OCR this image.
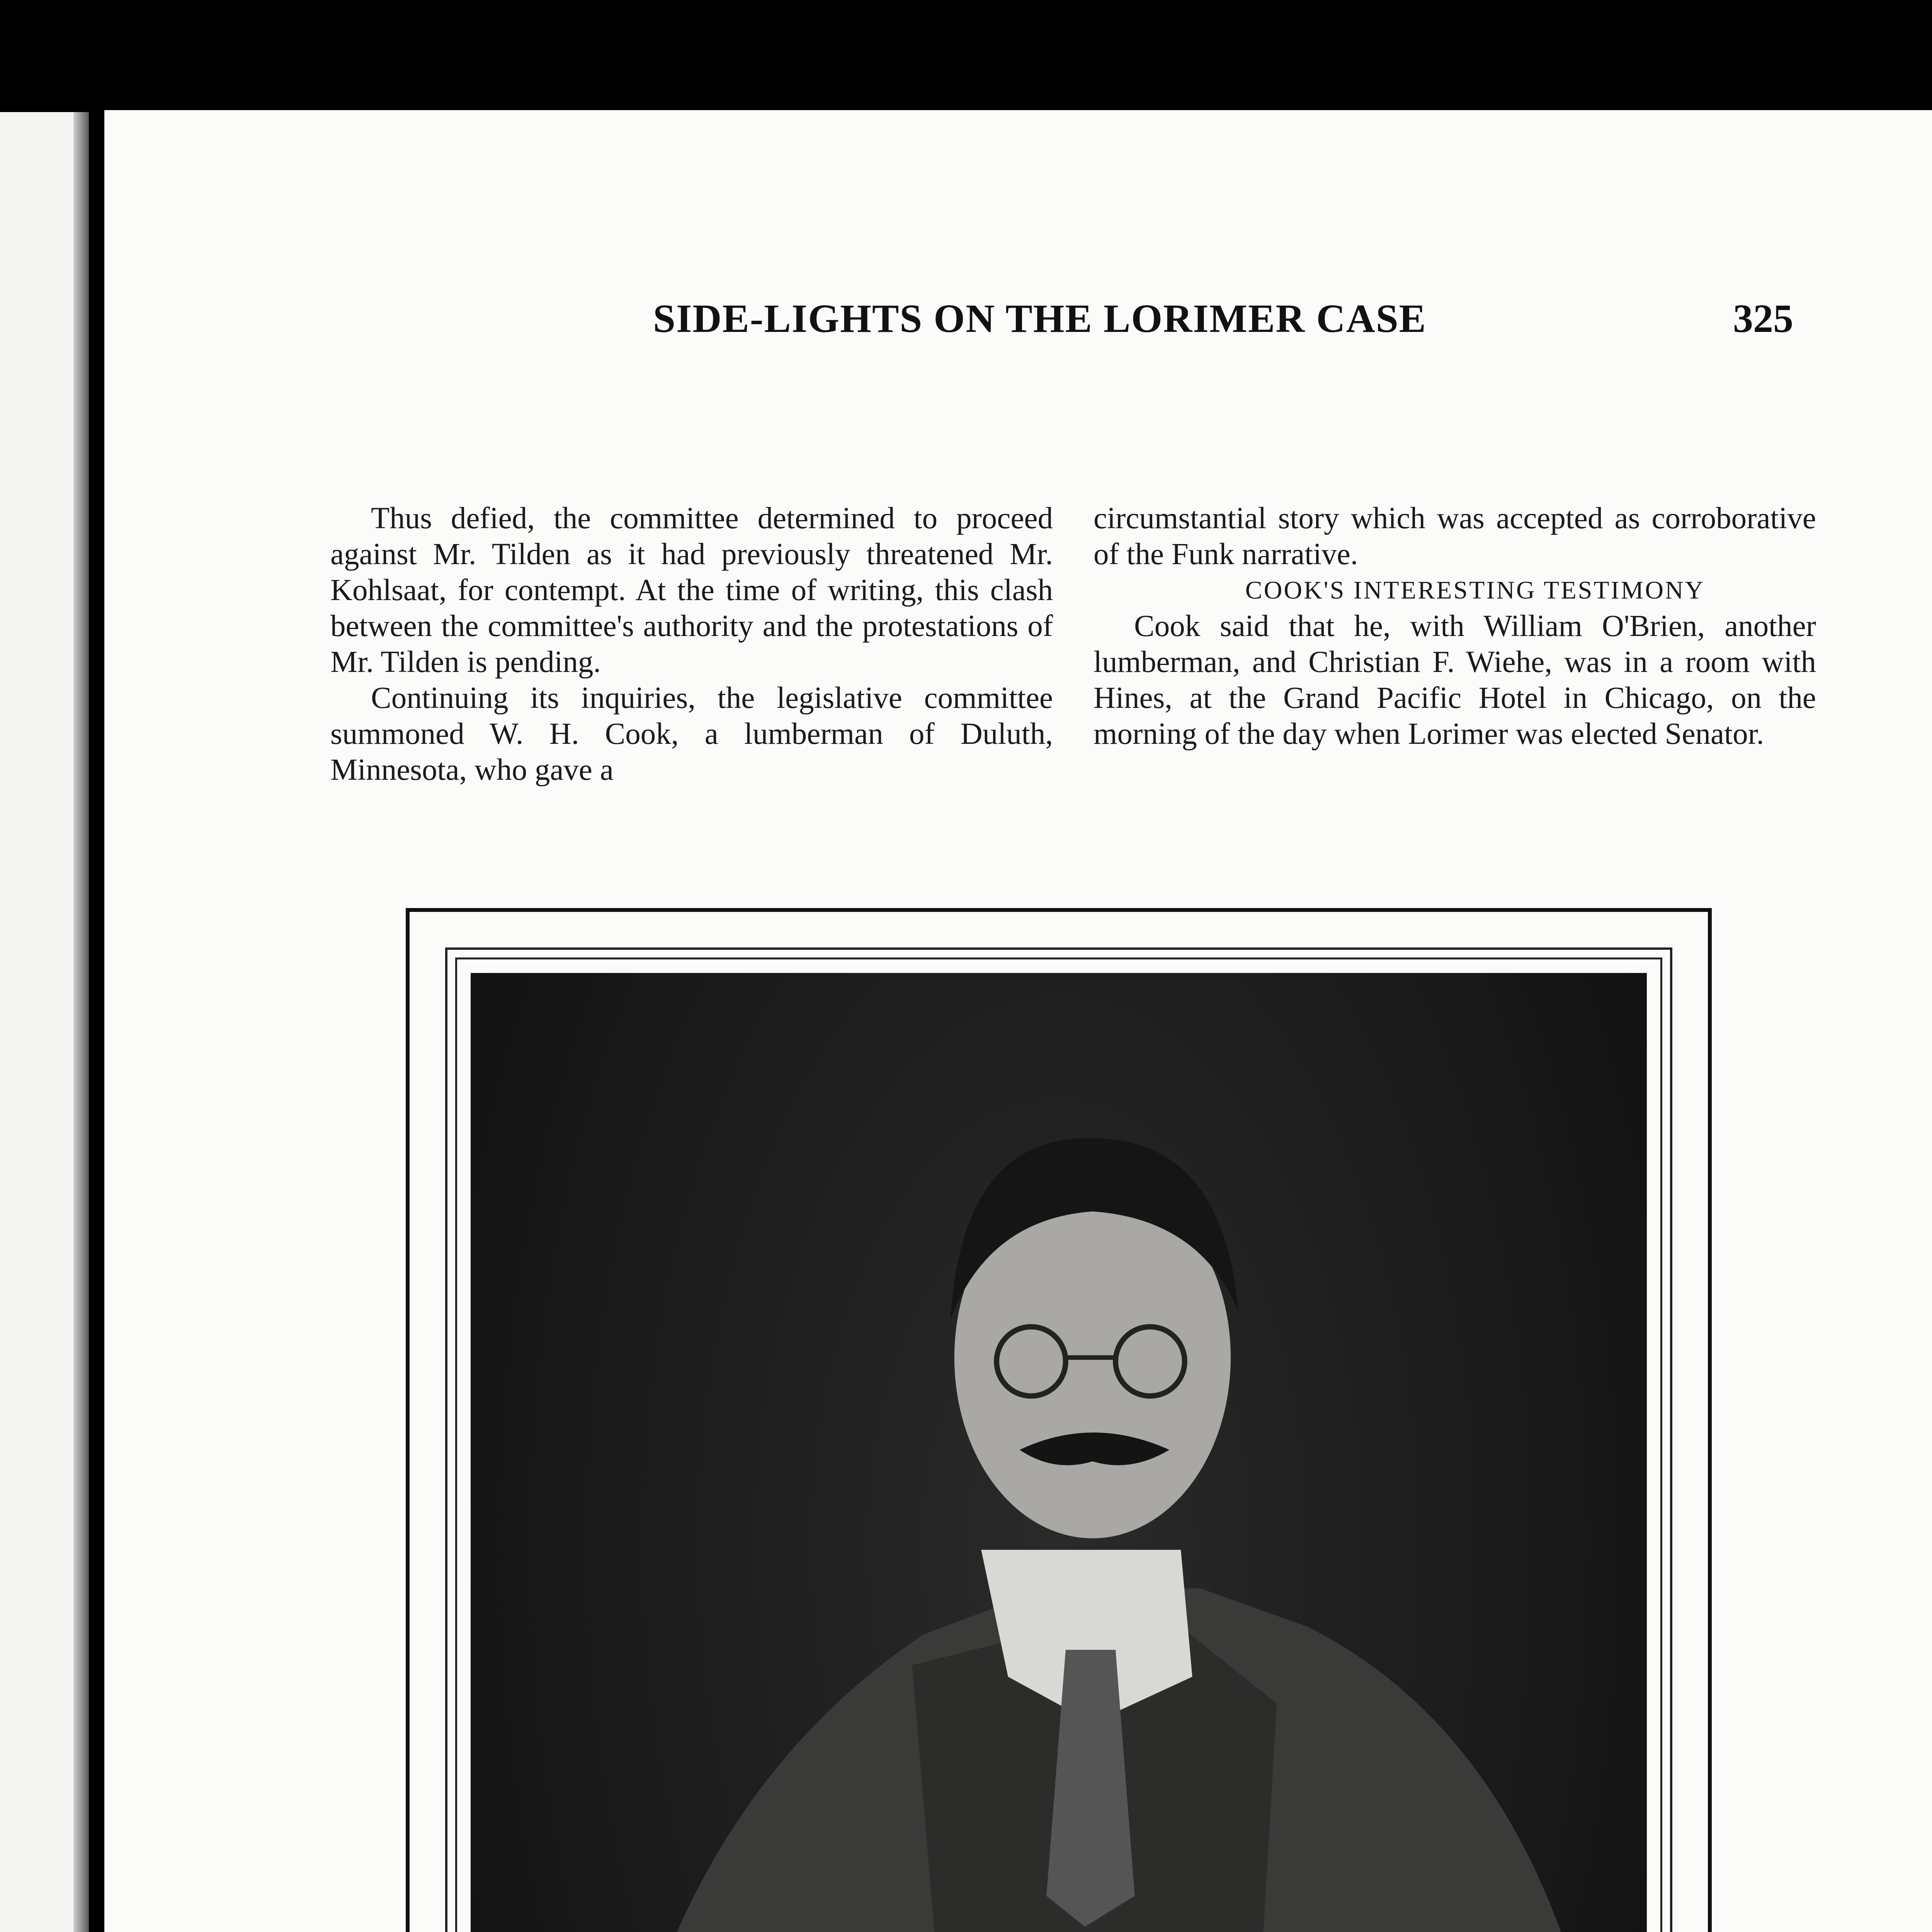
SIDE-LIGHTS ON THE LORIMER CASE	325

Thus defied, the committee determined to proceed against Mr. Tilden as it had previously threatened Mr. Kohlsaat, for contempt. At the time of writing, this clash between the committee's authority and the protestations of Mr. Tilden is pending.

Continuing its inquiries, the legislative committee summoned W. H. Cook, a lumberman of Duluth, Minnesota, who gave a

circumstantial story which was accepted as corroborative of the Funk narrative.

COOK'S INTERESTING TESTIMONY

Cook said that he, with William O'Brien, another lumberman, and Christian F. Wiehe, was in a room with Hines, at the Grand Pacific Hotel in Chicago, on the morning of the day when Lorimer was elected Senator.
